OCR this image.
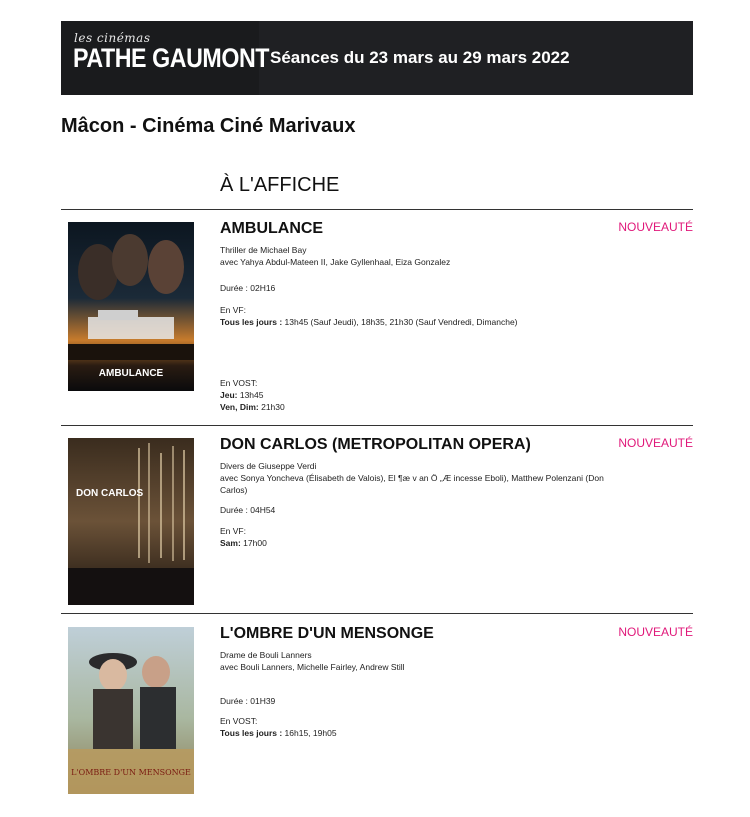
les cinémas
PATHE GAUMONT Séances du 23 mars au 29 mars 2022
Mâcon - Cinéma Ciné Marivaux
À L'AFFICHE
AMBULANCE
AMBULANCE	NOUVEAUTÉ
Thriller de Michael Bay
avec Yahya Abdul-Mateen II, Jake Gyllenhaal, Eiza Gonzalez
Durée : 02H16
En VF:
Tous les jours : 13h45 (Sauf Jeudi), 18h35, 21h30 (Sauf Vendredi, Dimanche)
En VOST:
Jeu: 13h45
Ven, Dim: 21h30
DON CARLOS
DON CARLOS (METROPOLITAN OPERA)	NOUVEAUTÉ
Divers de Giuseppe Verdi
avec Sonya Yoncheva (Élisabeth de Valois), El ¶æ v an Ö „Æ incesse Eboli), Matthew Polenzani (Don Carlos)
Durée : 04H54
En VF:
Sam: 17h00
L'OMBRE D'UN MENSONGE
L'OMBRE D'UN MENSONGE	NOUVEAUTÉ
Drame de Bouli Lanners
avec Bouli Lanners, Michelle Fairley, Andrew Still
Durée : 01H39
En VOST:
Tous les jours : 16h15, 19h05
